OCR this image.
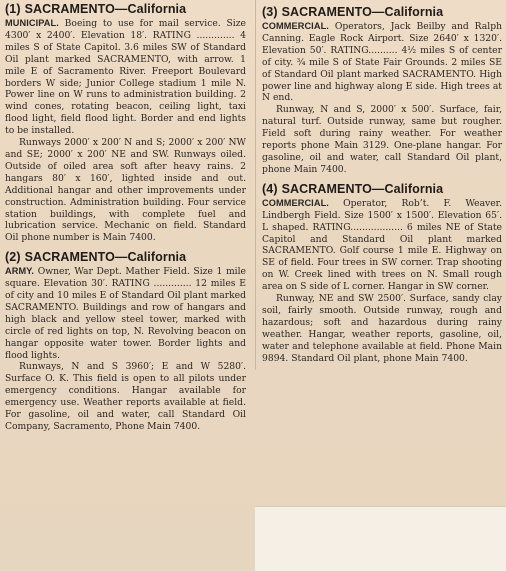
(1) SACRAMENTO—California

MUNICIPAL. Boeing to use for mail service. Size 4300′ x 2400′. Elevation 18′. RATING ............. 4 miles S of State Capitol. 3.6 miles SW of Standard Oil plant marked SACRAMENTO, with arrow. 1 mile E of Sacramento River. Freeport Boulevard borders W side; Junior College stadium 1 mile N. Power line on W runs to administration building. 2 wind cones, rotating beacon, ceiling light, taxi flood light, field flood light. Border and end lights to be installed.

Runways 2000′ x 200′ N and S; 2000′ x 200′ NW and SE; 2000′ x 200′ NE and SW. Runways oiled. Outside of oiled area soft after heavy rains. 2 hangars 80′ x 160′, lighted inside and out. Additional hangar and other improvements under construction. Administration building. Four service station buildings, with complete fuel and lubrication service. Mechanic on field. Standard Oil phone number is Main 7400.

(2) SACRAMENTO—California

ARMY. Owner, War Dept. Mather Field. Size 1 mile square. Elevation 30′. RATING ............. 12 miles E of city and 10 miles E of Standard Oil plant marked SACRAMENTO. Buildings and row of hangars and high black and yellow steel tower, marked with circle of red lights on top, N. Revolving beacon on hangar opposite water tower. Border lights and flood lights.

Runways, N and S 3960′; E and W 5280′. Surface O. K. This field is open to all pilots under emergency conditions. Hangar available for emergency use. Weather reports available at field. For gasoline, oil and water, call Standard Oil Company, Sacramento, Phone Main 7400.

(3) SACRAMENTO—California

COMMERCIAL. Operators, Jack Beilby and Ralph Canning. Eagle Rock Airport. Size 2640′ x 1320′. Elevation 50′. RATING.......... 4½ miles S of center of city. ¾ mile S of State Fair Grounds. 2 miles SE of Standard Oil plant marked SACRAMENTO. High power line and highway along E side. High trees at N end.

Runway, N and S, 2000′ x 500′. Surface, fair, natural turf. Outside runway, same but rougher. Field soft during rainy weather. For weather reports phone Main 3129. One-plane hangar. For gasoline, oil and water, call Standard Oil plant, phone Main 7400.

(4) SACRAMENTO—California

COMMERCIAL. Operator, Rob’t. F. Weaver. Lindbergh Field. Size 1500′ x 1500′. Elevation 65′. L shaped. RATING.................. 6 miles NE of State Capitol and Standard Oil plant marked SACRAMENTO. Golf course 1 mile E. Highway on SE of field. Four trees in SW corner. Trap shooting on W. Creek lined with trees on N. Small rough area on S side of L corner. Hangar in SW corner.

Runway, NE and SW 2500′. Surface, sandy clay soil, fairly smooth. Outside runway, rough and hazardous; soft and hazardous during rainy weather. Hangar, weather reports, gasoline, oil, water and telephone available at field. Phone Main 9894. Standard Oil plant, phone Main 7400.
